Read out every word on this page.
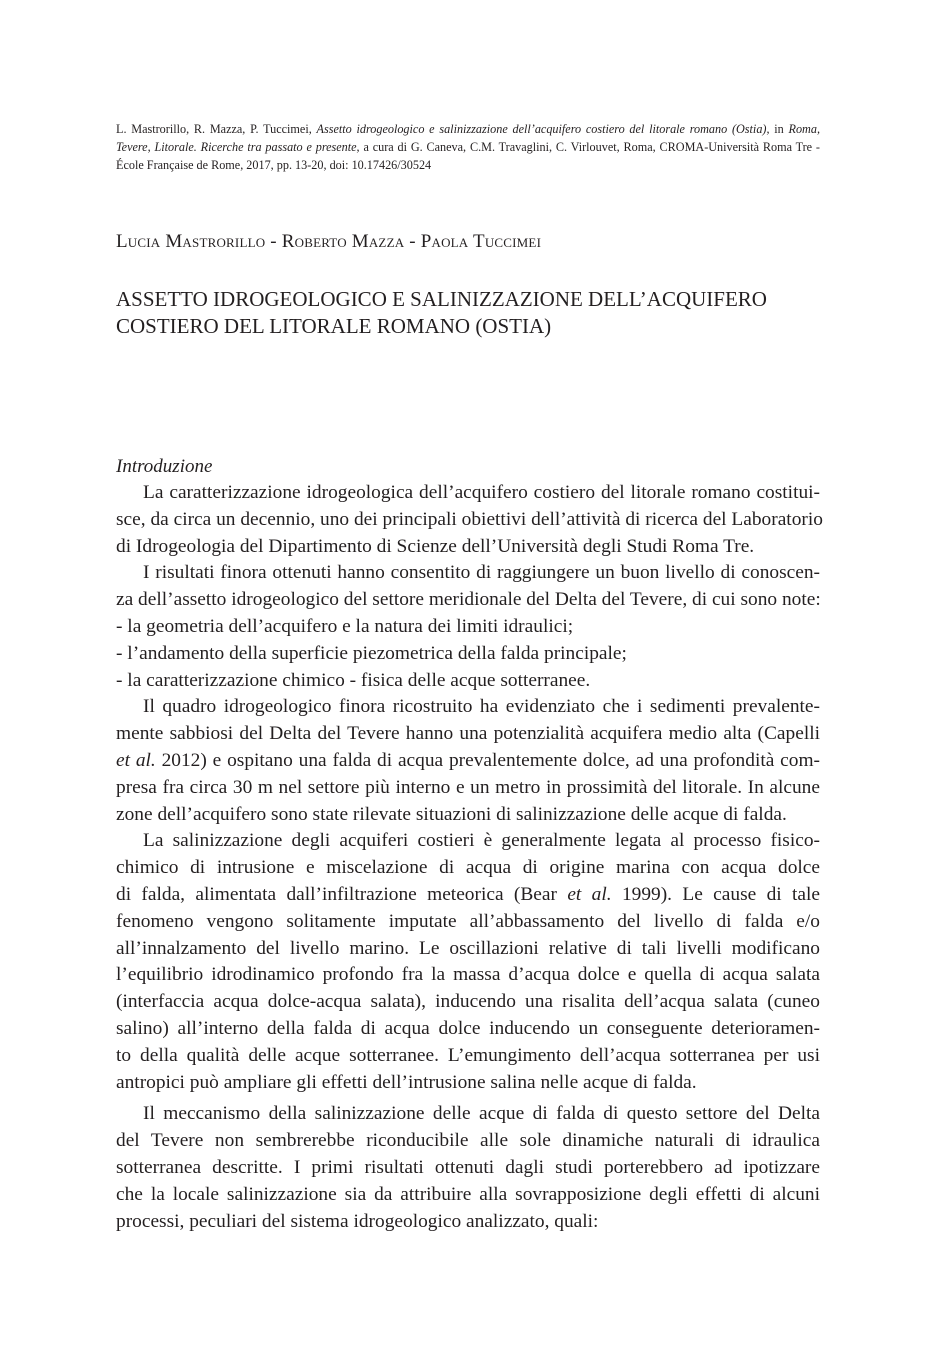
L. Mastrorillo, R. Mazza, P. Tuccimei, Assetto idrogeologico e salinizzazione dell’acquifero costiero del litorale romano (Ostia), in Roma, Tevere, Litorale. Ricerche tra passato e presente, a cura di G. Caneva, C.M. Travaglini, C. Virlouvet, Roma, CROMA-Università Roma Tre - École Française de Rome, 2017, pp. 13-20, doi: 10.17426/30524
Lucia Mastrorillo - Roberto Mazza - Paola Tuccimei
ASSETTO IDROGEOLOGICO E SALINIZZAZIONE DELL’ACQUIFERO
COSTIERO DEL LITORALE ROMANO (OSTIA)
Introduzione
La caratterizzazione idrogeologica dell’acquifero costiero del litorale romano costitui-
sce, da circa un decennio, uno dei principali obiettivi dell’attività di ricerca del Laboratorio
di Idrogeologia del Dipartimento di Scienze dell’Università degli Studi Roma Tre.
I risultati finora ottenuti hanno consentito di raggiungere un buon livello di conoscen-
za dell’assetto idrogeologico del settore meridionale del Delta del Tevere, di cui sono note:
- la geometria dell’acquifero e la natura dei limiti idraulici;
- l’andamento della superficie piezometrica della falda principale;
- la caratterizzazione chimico - fisica delle acque sotterranee.
Il quadro idrogeologico finora ricostruito ha evidenziato che i sedimenti prevalente-
mente sabbiosi del Delta del Tevere hanno una potenzialità acquifera medio alta (Capelli
et al. 2012) e ospitano una falda di acqua prevalentemente dolce, ad una profondità com-
presa fra circa 30 m nel settore più interno e un metro in prossimità del litorale. In alcune
zone dell’acquifero sono state rilevate situazioni di salinizzazione delle acque di falda.
La salinizzazione degli acquiferi costieri è generalmente legata al processo fisico-
chimico di intrusione e miscelazione di acqua di origine marina con acqua dolce
di falda, alimentata dall’infiltrazione meteorica (Bear et al. 1999). Le cause di tale
fenomeno vengono solitamente imputate all’abbassamento del livello di falda e/o
all’innalzamento del livello marino. Le oscillazioni relative di tali livelli modificano
l’equilibrio idrodinamico profondo fra la massa d’acqua dolce e quella di acqua salata
(interfaccia acqua dolce-acqua salata), inducendo una risalita dell’acqua salata (cuneo
salino) all’interno della falda di acqua dolce inducendo un conseguente deterioramen-
to della qualità delle acque sotterranee. L’emungimento dell’acqua sotterranea per usi
antropici può ampliare gli effetti dell’intrusione salina nelle acque di falda.
Il meccanismo della salinizzazione delle acque di falda di questo settore del Delta
del Tevere non sembrerebbe riconducibile alle sole dinamiche naturali di idraulica
sotterranea descritte. I primi risultati ottenuti dagli studi porterebbero ad ipotizzare
che la locale salinizzazione sia da attribuire alla sovrapposizione degli effetti di alcuni
processi, peculiari del sistema idrogeologico analizzato, quali:
